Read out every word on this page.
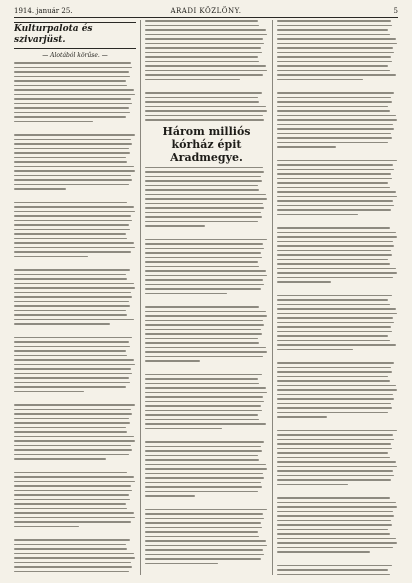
1914. január 25.	ARADI KÖZLÖNY.	5

Kulturpalota és szivarjüst.

— Alotából körűse. —

Három milliós kórház épit Aradmegye.
